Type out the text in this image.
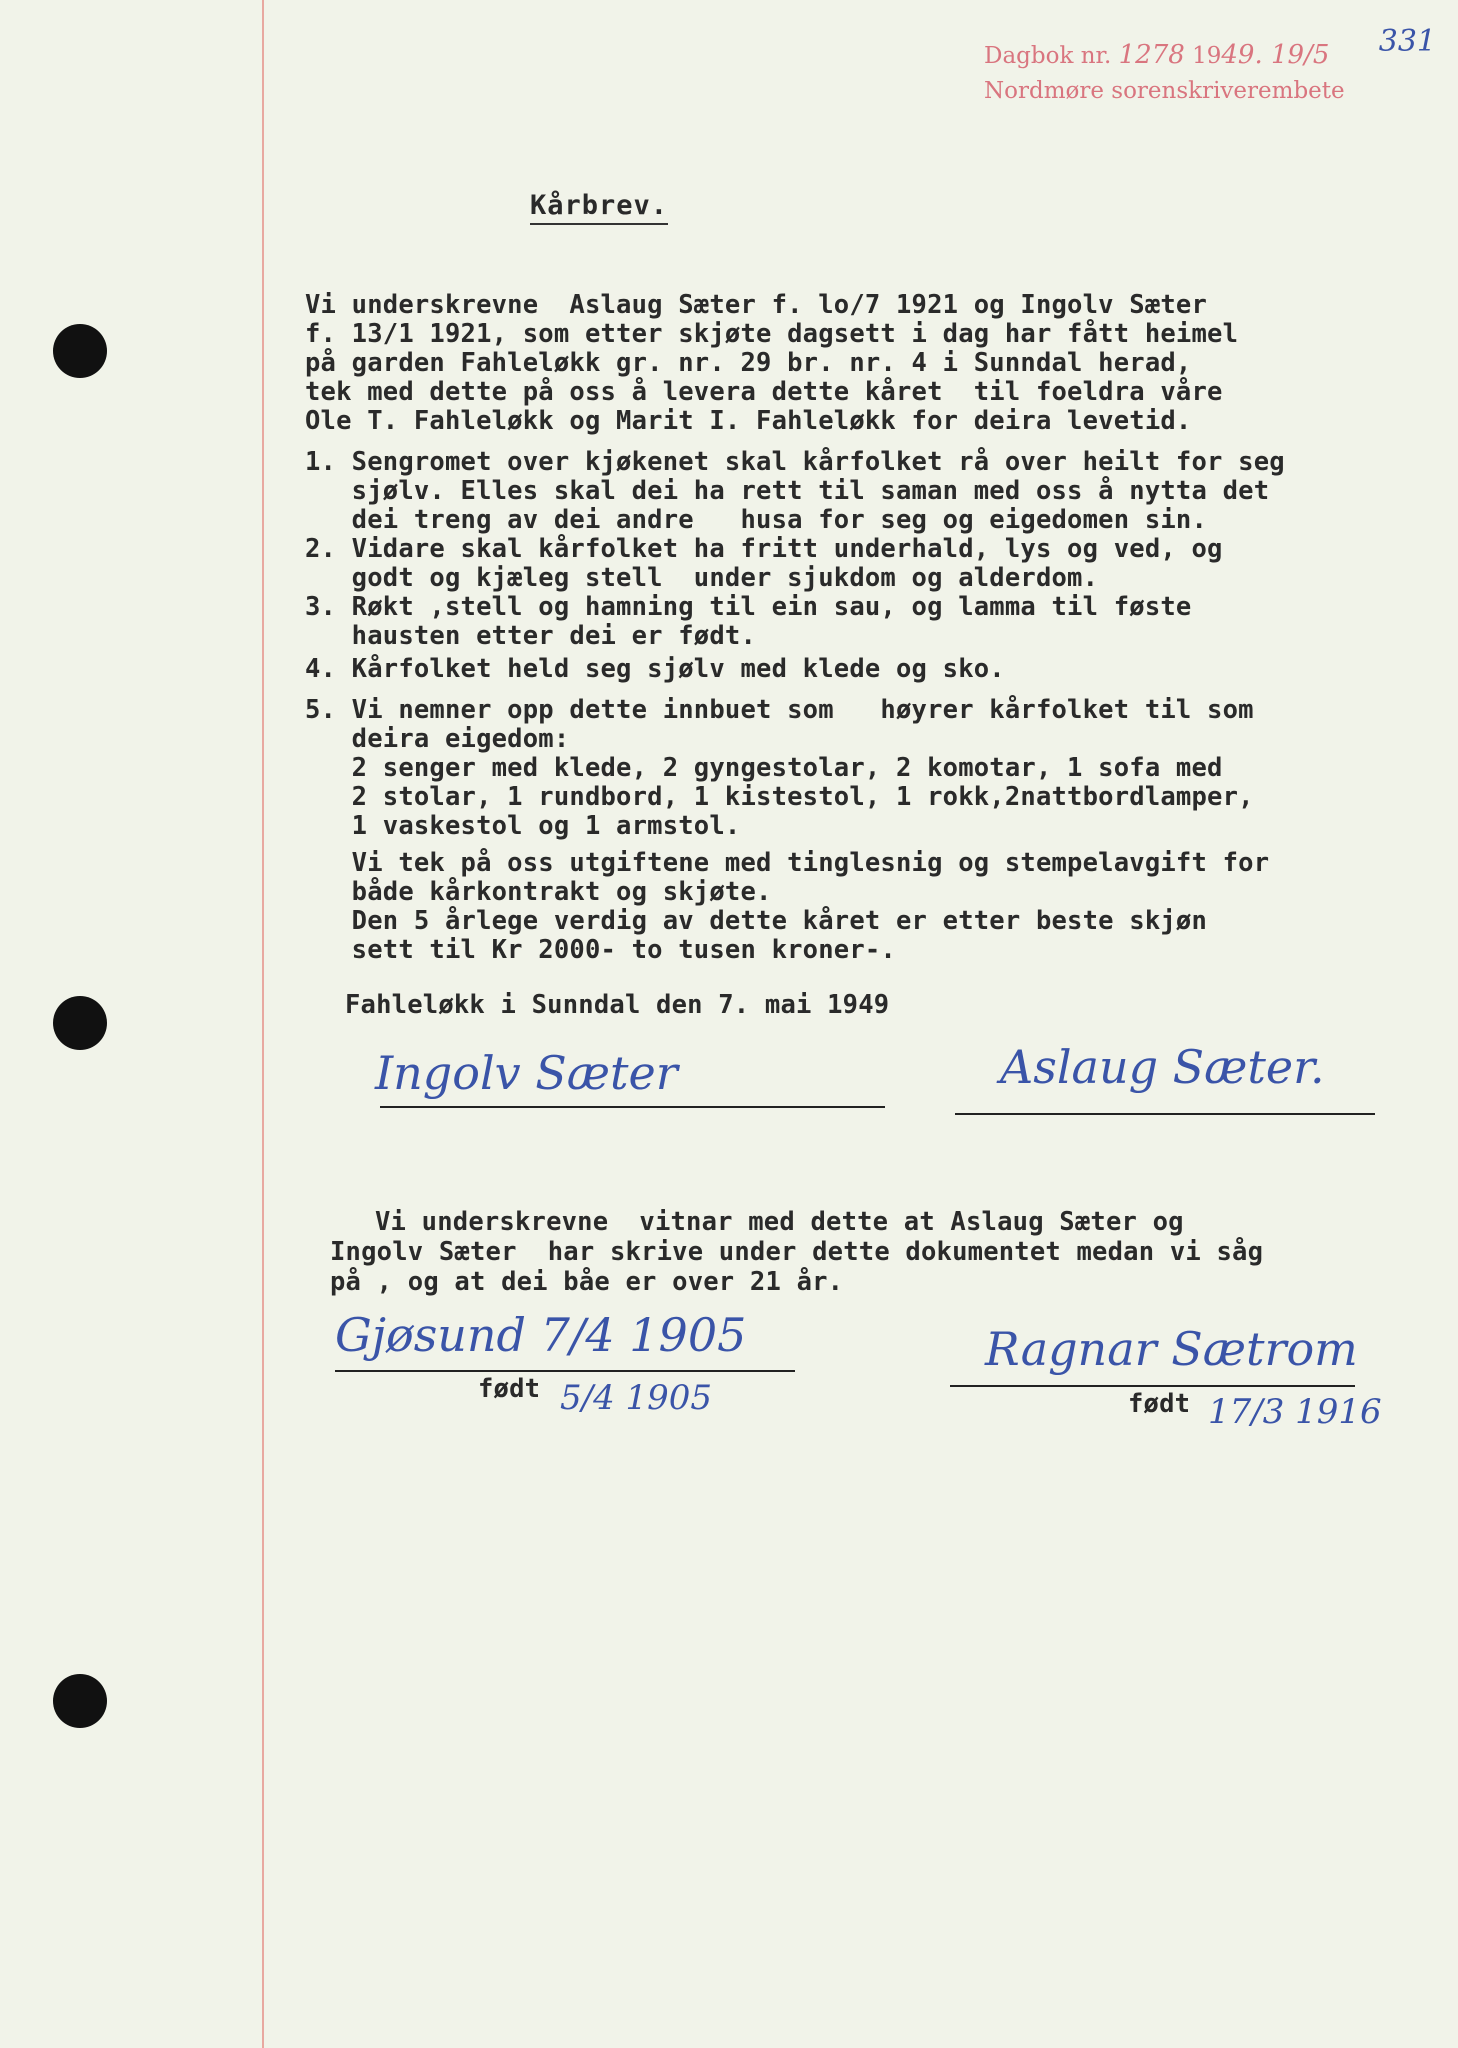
Dagbok nr. 1278 1949. 19/5
Nordmøre sorenskriverembete
331
Kårbrev.
Vi underskrevne  Aslaug Sæter f. lo/7 1921 og Ingolv Sæter
f. 13/1 1921, som etter skjøte dagsett i dag har fått heimel
på garden Fahleløkk gr. nr. 29 br. nr. 4 i Sunndal herad,
tek med dette på oss å levera dette kåret  til foeldra våre
Ole T. Fahleløkk og Marit I. Fahleløkk for deira levetid.
1. Sengromet over kjøkenet skal kårfolket rå over heilt for seg
sjølv. Elles skal dei ha rett til saman med oss å nytta det
dei treng av dei andre   husa for seg og eigedomen sin.
2. Vidare skal kårfolket ha fritt underhald, lys og ved, og
godt og kjæleg stell  under sjukdom og alderdom.
3. Røkt ,stell og hamning til ein sau, og lamma til føste
hausten etter dei er født.
4. Kårfolket held seg sjølv med klede og sko.
5. Vi nemner opp dette innbuet som   høyrer kårfolket til som
deira eigedom:
2 senger med klede, 2 gyngestolar, 2 komotar, 1 sofa med
2 stolar, 1 rundbord, 1 kistestol, 1 rokk,2nattbordlamper,
1 vaskestol og 1 armstol.
Vi tek på oss utgiftene med tinglesnig og stempelavgift for
både kårkontrakt og skjøte.
Den 5 årlege verdig av dette kåret er etter beste skjøn
sett til Kr 2000- to tusen kroner-.
Fahleløkk i Sunndal den 7. mai 1949
Ingolv Sæter	Aslaug Sæter.
Vi underskrevne  vitnar med dette at Aslaug Sæter og
Ingolv Sæter  har skrive under dette dokumentet medan vi såg
på , og at dei båe er over 21 år.
Gjøsund 7/4 1905
født 5/4 1905
Ragnar Sætrom
født 17/3 1916
